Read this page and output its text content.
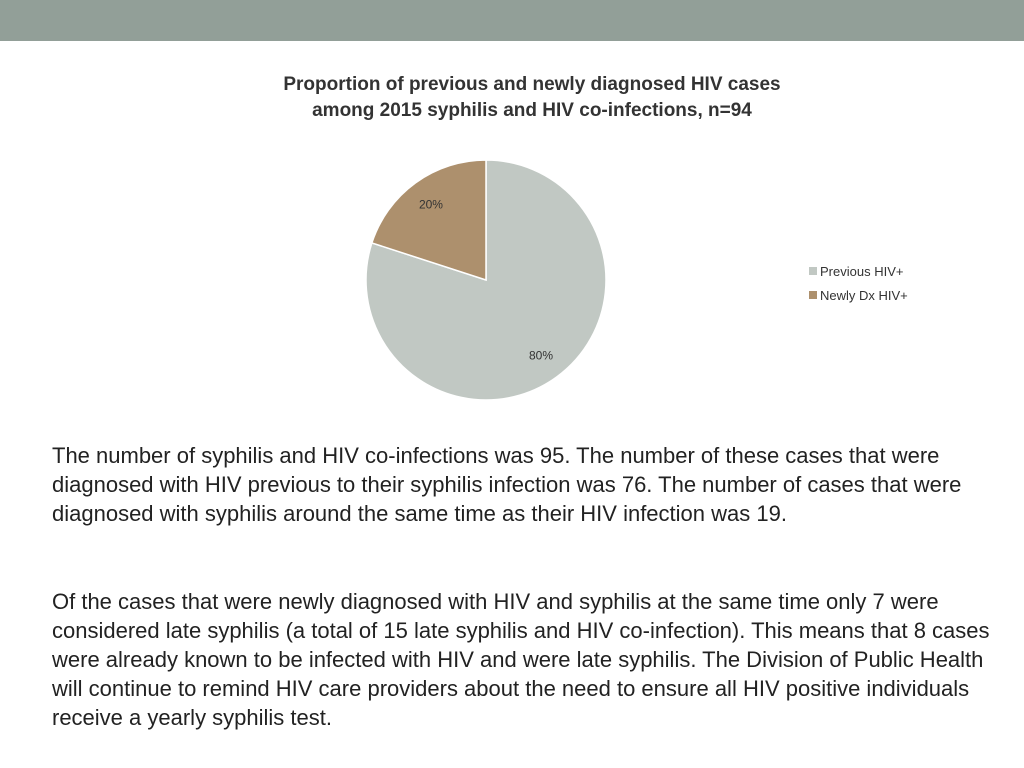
Proportion of previous and newly diagnosed HIV cases
among 2015 syphilis and HIV co-infections, n=94
80%
20%
Previous HIV+
Newly Dx HIV+
The number of syphilis and HIV co-infections was 95. The number of these cases that were diagnosed with HIV previous to their syphilis infection was 76. The number of cases that were diagnosed with syphilis around the same time as their HIV infection was 19.
Of the cases that were newly diagnosed with HIV and syphilis at the same time only 7 were considered late syphilis (a total of 15 late syphilis and HIV co-infection). This means that 8 cases were already known to be infected with HIV and were late syphilis. The Division of Public Health will continue to remind HIV care providers about the need to ensure all HIV positive individuals receive a yearly syphilis test.
